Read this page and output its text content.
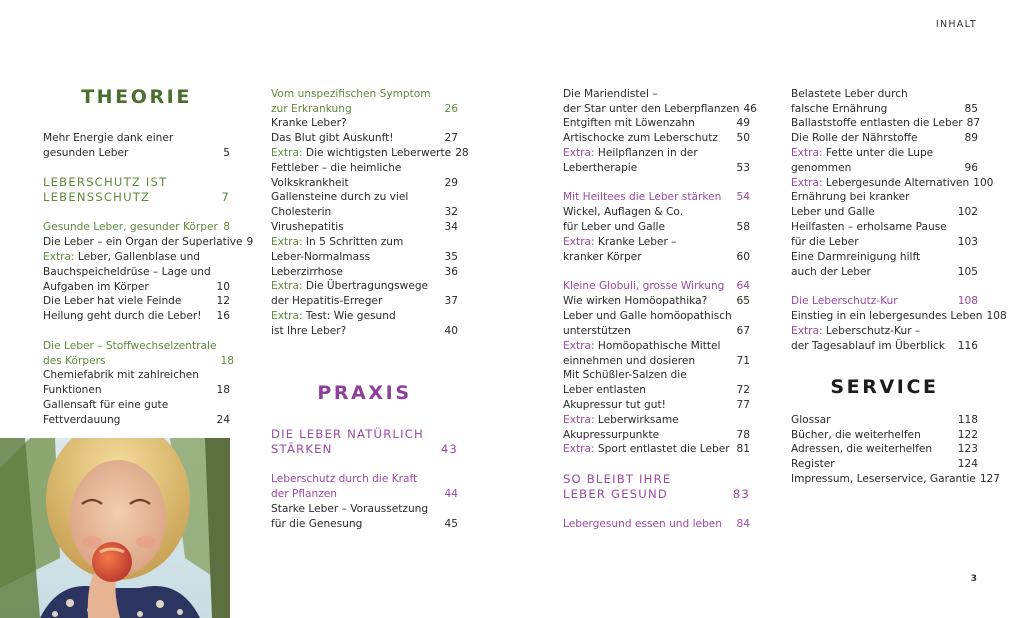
INHALT
THEORIE
Mehr Energie dank einer
gesunden Leber	5
LEBERSCHUTZ IST
LEBENSSCHUTZ	7
Gesunde Leber, gesunder Körper 8
Die Leber – ein Organ der Superlative 9
Extra: Leber, Gallenblase und
Bauchspeicheldrüse – Lage und
Aufgaben im Körper	10
Die Leber hat viele Feinde	12
Heilung geht durch die Leber!	16
Die Leber – Stoffwechselzentrale
des Körpers	18
Chemiefabrik mit zahlreichen
Funktionen	18
Gallensaft für eine gute
Fettverdauung	24
Vom unspezifischen Symptom
zur Erkrankung	26
Kranke Leber?
Das Blut gibt Auskunft!	27
Extra: Die wichtigsten Leberwerte 28
Fettleber – die heimliche
Volkskrankheit	29
Gallensteine durch zu viel
Cholesterin	32
Virushepatitis	34
Extra: In 5 Schritten zum
Leber-Normalmass	35
Leberzirrhose	36
Extra: Die Übertragungswege
der Hepatitis-Erreger	37
Extra: Test: Wie gesund
ist Ihre Leber?	40
PRAXIS
DIE LEBER NATÜRLICH
STÄRKEN	43
Leberschutz durch die Kraft
der Pflanzen	44
Starke Leber – Voraussetzung
für die Genesung	45
Die Mariendistel –
der Star unter den Leberpflanzen 46
Entgiften mit Löwenzahn	49
Artischocke zum Leberschutz	50
Extra: Heilpflanzen in der
Lebertherapie	53
Mit Heiltees die Leber stärken	54
Wickel, Auflagen & Co.
für Leber und Galle	58
Extra: Kranke Leber –
kranker Körper	60
Kleine Globuli, grosse Wirkung	64
Wie wirken Homöopathika?	65
Leber und Galle homöopathisch
unterstützen	67
Extra: Homöopathische Mittel
einnehmen und dosieren	71
Mit Schüßler-Salzen die
Leber entlasten	72
Akupressur tut gut!	77
Extra: Leberwirksame
Akupressurpunkte	78
Extra: Sport entlastet die Leber 81
SO BLEIBT IHRE
LEBER GESUND	83
Lebergesund essen und leben	84
Belastete Leber durch
falsche Ernährung	85
Ballaststoffe entlasten die Leber 87
Die Rolle der Nährstoffe	89
Extra: Fette unter die Lupe
genommen	96
Extra: Lebergesunde Alternativen 100
Ernährung bei kranker
Leber und Galle	102
Heilfasten – erholsame Pause
für die Leber	103
Eine Darmreinigung hilft
auch der Leber	105
Die Leberschutz-Kur	108
Einstieg in ein lebergesundes Leben 108
Extra: Leberschutz-Kur –
der Tagesablauf im Überblick	116
SERVICE
Glossar	118
Bücher, die weiterhelfen	122
Adressen, die weiterhelfen	123
Register	124
Impressum, Leserservice, Garantie 127
3
